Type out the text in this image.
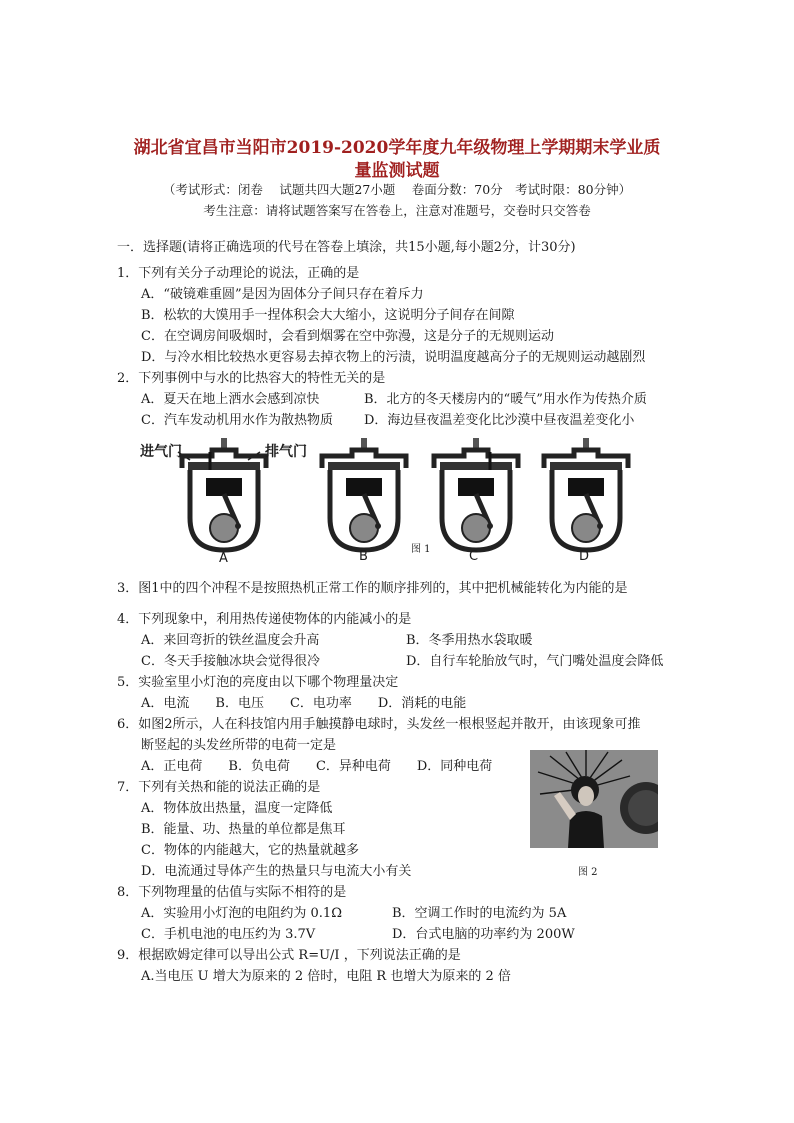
湖北省宜昌市当阳市2019-2020学年度九年级物理上学期期末学业质
量监测试题
（考试形式：闭卷　 试题共四大题27小题　 卷面分数：70分　考试时限：80分钟）
考生注意：请将试题答案写在答卷上，注意对准题号，交卷时只交答卷
一．选择题(请将正确选项的代号在答卷上填涂，共15小题,每小题2分，计30分)
1．下列有关分子动理论的说法，正确的是
A．“破镜难重圆”是因为固体分子间只存在着斥力
B．松软的大馍用手一捏体积会大大缩小，这说明分子间存在间隙
C．在空调房间吸烟时，会看到烟雾在空中弥漫，这是分子的无规则运动
D．与冷水相比较热水更容易去掉衣物上的污渍，说明温度越高分子的无规则运动越剧烈
2．下列事例中与水的比热容大的特性无关的是
A．夏天在地上洒水会感到凉快	B．北方的冬天楼房内的“暖气”用水作为传热介质
C．汽车发动机用水作为散热物质 D．海边昼夜温差变化比沙漠中昼夜温差变化小
进气门	排气门
A	B	C	D
图 1
3．图1中的四个冲程不是按照热机正常工作的顺序排列的，其中把机械能转化为内能的是
4．下列现象中，利用热传递使物体的内能减小的是
A．来回弯折的铁丝温度会升高	B．冬季用热水袋取暖
C．冬天手接触冰块会觉得很冷	D．自行车轮胎放气时，气门嘴处温度会降低
5．实验室里小灯泡的亮度由以下哪个物理量决定
A．电流　　B．电压　　C．电功率　　D．消耗的电能
6．如图2所示，人在科技馆内用手触摸静电球时，头发丝一根根竖起并散开，由该现象可推
断竖起的头发丝所带的电荷一定是
A．正电荷　　B．负电荷　　C．异种电荷　　D．同种电荷
图 2
7．下列有关热和能的说法正确的是
A．物体放出热量，温度一定降低
B．能量、功、热量的单位都是焦耳
C．物体的内能越大，它的热量就越多
D．电流通过导体产生的热量只与电流大小有关
8．下列物理量的估值与实际不相符的是
A．实验用小灯泡的电阻约为 0.1Ω	B．空调工作时的电流约为 5A
C．手机电池的电压约为 3.7V	D．台式电脑的功率约为 200W
9．根据欧姆定律可以导出公式 R=U/I ，下列说法正确的是
A.当电压 U 增大为原来的 2 倍时，电阻 R 也增大为原来的 2 倍
